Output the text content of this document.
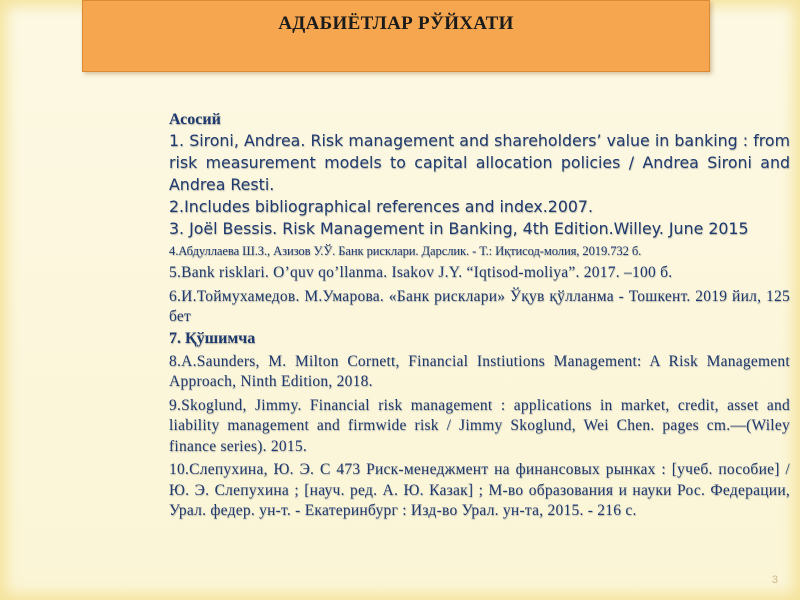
АДАБИЁТЛАР РЎЙХАТИ

Асосий

1. Sironi, Andrea. Risk management and shareholders’ value in banking : from risk measurement models to capital allocation policies / Andrea Sironi and Andrea Resti.

2.Includes bibliographical references and index.2007.

3. Joël Bessis. Risk Management in Banking, 4th Edition.Willey. June 2015

4.Абдуллаева Ш.З., Азизов У.Ў. Банк рисклари. Дарслик. - Т.: Иқтисод-молия, 2019.732 б.

5.Bank risklari. O’quv qo’llanma. Isakov J.Y. “Iqtisod-moliya”. 2017. –100 б.

6.И.Тоймухамедов. М.Умарова. «Банк рисклари» Ўқув қўлланма - Тошкент. 2019 йил, 125 бет

7. Қўшимча

8.A.Saunders, M. Milton Cornett, Financial Instiutions Management: A Risk Management Approach, Ninth Edition, 2018.

9.Skoglund, Jimmy. Financial risk management : applications in market, credit, asset and liability management and firmwide risk / Jimmy Skoglund, Wei Chen. pages cm.—(Wiley finance series). 2015.

10.Слепухина, Ю. Э. С 473 Риск-менеджмент на финансовых рынках : [учеб. пособие] /Ю. Э. Слепухина ; [науч. ред. А. Ю. Казак] ; М-во образования и науки Рос. Федерации, Урал. федер. ун-т. - Екатеринбург : Изд-во Урал. ун-та, 2015. - 216 с.

3
